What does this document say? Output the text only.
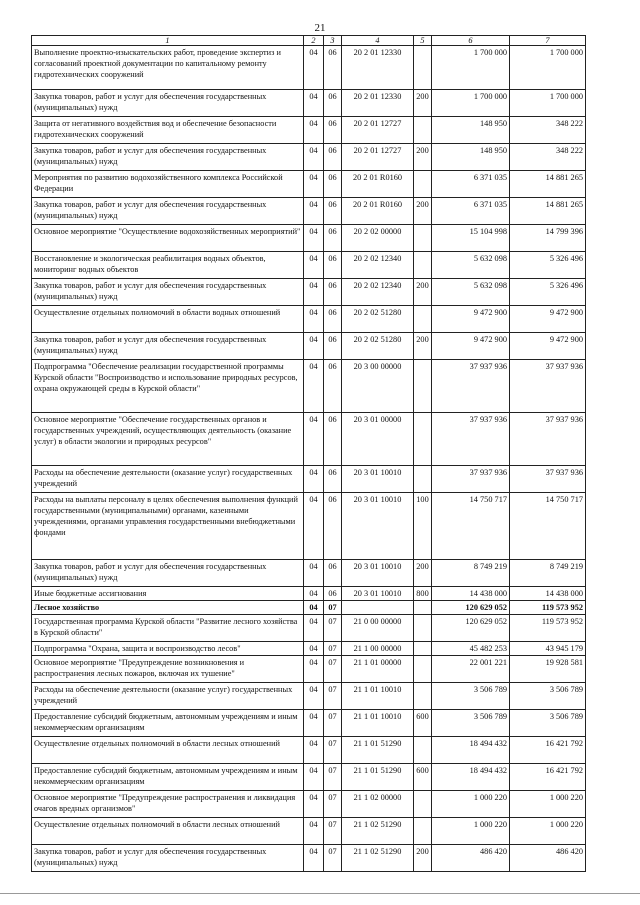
21
1	2	3	4	5	6	7
Выполнение проектно-изыскательских работ, проведение экспертиз и согласований проектной документации по капитальному ремонту гидротехнических сооружений	04	06	20 2 01 12330		1 700 000	1 700 000
Закупка товаров, работ и услуг для обеспечения государственных (муниципальных) нужд	04	06	20 2 01 12330	200	1 700 000	1 700 000
Защита от негативного воздействия вод и обеспечение безопасности гидротехнических сооружений	04	06	20 2 01 12727		148 950	348 222
Закупка товаров, работ и услуг для обеспечения государственных (муниципальных) нужд	04	06	20 2 01 12727	200	148 950	348 222
Мероприятия по развитию водохозяйственного комплекса Российской Федерации	04	06	20 2 01 R0160		6 371 035	14 881 265
Закупка товаров, работ и услуг для обеспечения государственных (муниципальных) нужд	04	06	20 2 01 R0160	200	6 371 035	14 881 265
Основное мероприятие "Осуществление водохозяйственных мероприятий"	04	06	20 2 02 00000		15 104 998	14 799 396
Восстановление и экологическая реабилитация водных объектов, мониторинг водных объектов	04	06	20 2 02 12340		5 632 098	5 326 496
Закупка товаров, работ и услуг для обеспечения государственных (муниципальных) нужд	04	06	20 2 02 12340	200	5 632 098	5 326 496
Осуществление отдельных полномочий в области водных отношений	04	06	20 2 02 51280		9 472 900	9 472 900
Закупка товаров, работ и услуг для обеспечения государственных (муниципальных) нужд	04	06	20 2 02 51280	200	9 472 900	9 472 900
Подпрограмма "Обеспечение реализации государственной программы Курской области "Воспроизводство и использование природных ресурсов, охрана окружающей среды в Курской области"	04	06	20 3 00 00000		37 937 936	37 937 936
Основное мероприятие "Обеспечение государственных органов и государственных учреждений, осуществляющих деятельность (оказание услуг) в области экологии и природных ресурсов"	04	06	20 3 01 00000		37 937 936	37 937 936
Расходы на обеспечение деятельности (оказание услуг) государственных учреждений	04	06	20 3 01 10010		37 937 936	37 937 936
Расходы на выплаты персоналу в целях обеспечения выполнения функций государственными (муниципальными) органами, казенными учреждениями, органами управления государственными внебюджетными фондами	04	06	20 3 01 10010	100	14 750 717	14 750 717
Закупка товаров, работ и услуг для обеспечения государственных (муниципальных) нужд	04	06	20 3 01 10010	200	8 749 219	8 749 219
Иные бюджетные ассигнования	04	06	20 3 01 10010	800	14 438 000	14 438 000
Лесное хозяйство	04	07			120 629 052	119 573 952
Государственная программа Курской области "Развитие лесного хозяйства в Курской области"	04	07	21 0 00 00000		120 629 052	119 573 952
Подпрограмма "Охрана, защита и воспроизводство лесов"	04	07	21 1 00 00000		45 482 253	43 945 179
Основное мероприятие "Предупреждение возникновения и распространения лесных пожаров, включая их тушение"	04	07	21 1 01 00000		22 001 221	19 928 581
Расходы на обеспечение деятельности (оказание услуг) государственных учреждений	04	07	21 1 01 10010		3 506 789	3 506 789
Предоставление субсидий бюджетным, автономным учреждениям и иным некоммерческим организациям	04	07	21 1 01 10010	600	3 506 789	3 506 789
Осуществление отдельных полномочий в области лесных отношений	04	07	21 1 01 51290		18 494 432	16 421 792
Предоставление субсидий бюджетным, автономным учреждениям и иным некоммерческим организациям	04	07	21 1 01 51290	600	18 494 432	16 421 792
Основное мероприятие "Предупреждение распространения и ликвидация очагов вредных организмов"	04	07	21 1 02 00000		1 000 220	1 000 220
Осуществление отдельных полномочий в области лесных отношений	04	07	21 1 02 51290		1 000 220	1 000 220
Закупка товаров, работ и услуг для обеспечения государственных (муниципальных) нужд	04	07	21 1 02 51290	200	486 420	486 420
